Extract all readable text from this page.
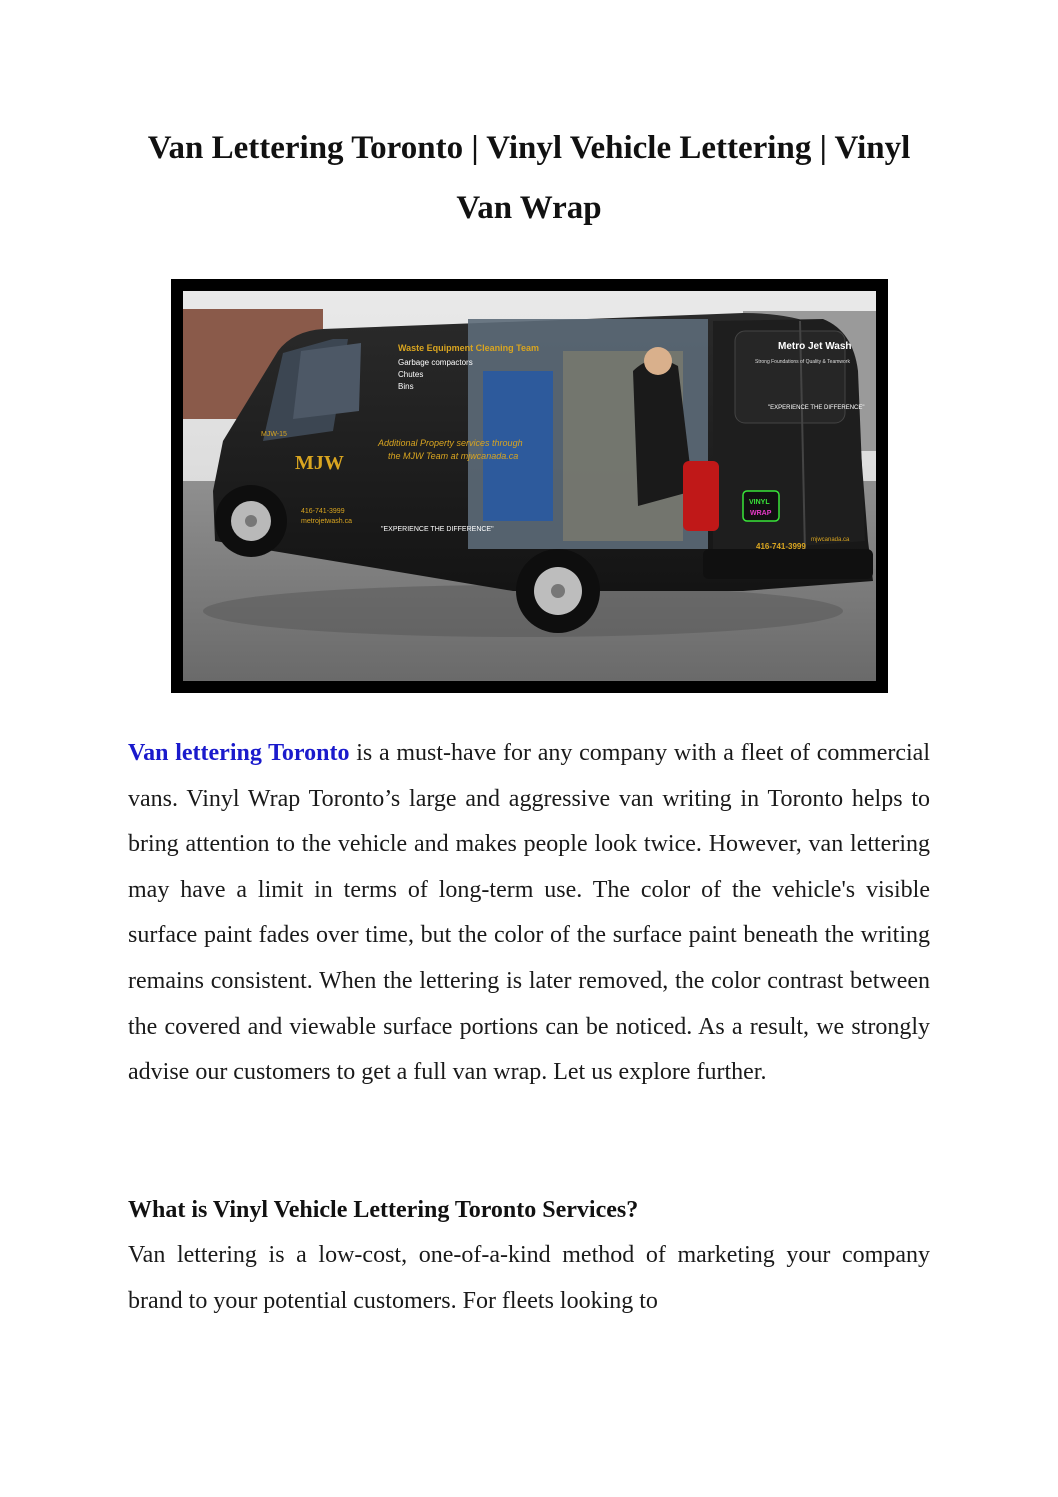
Van Lettering Toronto | Vinyl Vehicle Lettering | Vinyl Van Wrap
Waste Equipment Cleaning Team
Garbage compactors
Chutes
Bins
Additional Property services through
the MJW Team at mjwcanada.ca
MJW
MJW-15
416-741-3999
metrojetwash.ca
"EXPERIENCE THE DIFFERENCE"
Metro Jet Wash
Strong Foundations of Quality & Teamwork
"EXPERIENCE THE DIFFERENCE"
416-741-3999
mjwcanada.ca
VINYL
WRAP

Van lettering Toronto is a must-have for any company with a fleet of commercial vans. Vinyl Wrap Toronto’s large and aggressive van writing in Toronto helps to bring attention to the vehicle and makes people look twice. However, van lettering may have a limit in terms of long-term use. The color of the vehicle's visible surface paint fades over time, but the color of the surface paint beneath the writing remains consistent. When the lettering is later removed, the color contrast between the covered and viewable surface portions can be noticed. As a result, we strongly advise our customers to get a full van wrap. Let us explore further.

What is Vinyl Vehicle Lettering Toronto Services?

Van lettering is a low-cost, one-of-a-kind method of marketing your company brand to your potential customers. For fleets looking to
